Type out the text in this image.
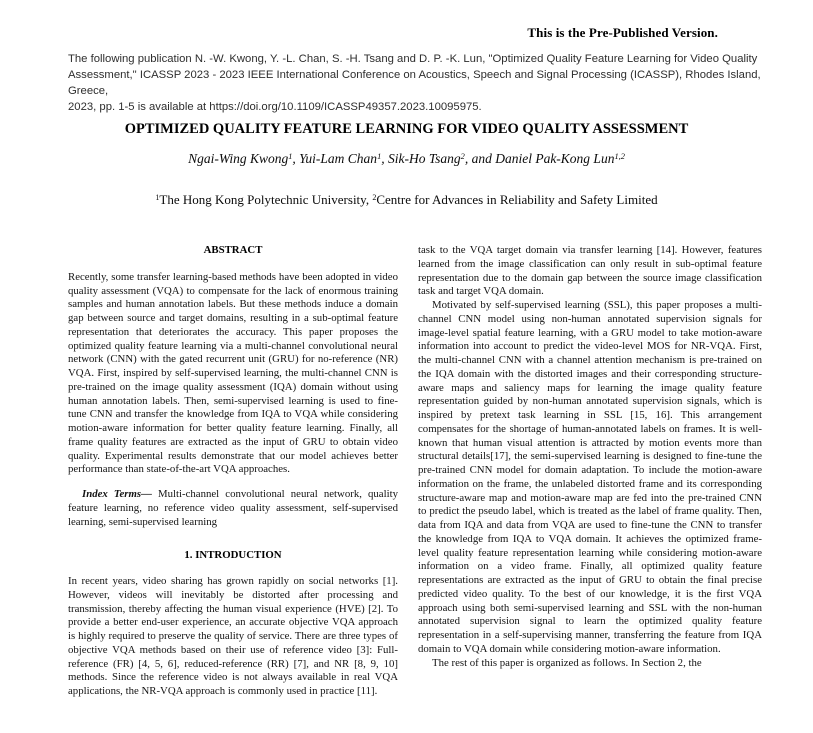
This is the Pre-Published Version.
The following publication N. -W. Kwong, Y. -L. Chan, S. -H. Tsang and D. P. -K. Lun, "Optimized Quality Feature Learning for Video Quality
Assessment," ICASSP 2023 - 2023 IEEE International Conference on Acoustics, Speech and Signal Processing (ICASSP), Rhodes Island, Greece,
2023, pp. 1-5 is available at https://doi.org/10.1109/ICASSP49357.2023.10095975.
OPTIMIZED QUALITY FEATURE LEARNING FOR VIDEO QUALITY ASSESSMENT
Ngai-Wing Kwong$^1$, Yui-Lam Chan$^1$, Sik-Ho Tsang$^2$, and Daniel Pak-Kong Lun$^{1,2}$
$^1$The Hong Kong Polytechnic University, $^2$Centre for Advances in Reliability and Safety Limited
ABSTRACT

Recently, some transfer learning-based methods have been adopted in video quality assessment (VQA) to compensate for the lack of enormous training samples and human annotation labels. But these methods induce a domain gap between source and target domains, resulting in a sub-optimal feature representation that deteriorates the accuracy. This paper proposes the optimized quality feature learning via a multi-channel convolutional neural network (CNN) with the gated recurrent unit (GRU) for no-reference (NR) VQA. First, inspired by self-supervised learning, the multi-channel CNN is pre-trained on the image quality assessment (IQA) domain without using human annotation labels. Then, semi-supervised learning is used to fine-tune CNN and transfer the knowledge from IQA to VQA while considering motion-aware information for better quality feature learning. Finally, all frame quality features are extracted as the input of GRU to obtain video quality. Experimental results demonstrate that our model achieves better performance than state-of-the-art VQA approaches.

Index Terms— Multi-channel convolutional neural network, quality feature learning, no reference video quality assessment, self-supervised learning, semi-supervised learning

1. INTRODUCTION

In recent years, video sharing has grown rapidly on social networks [1]. However, videos will inevitably be distorted after processing and transmission, thereby affecting the human visual experience (HVE) [2]. To provide a better end-user experience, an accurate objective VQA approach is highly required to preserve the quality of service. There are three types of objective VQA methods based on their use of reference video [3]: Full-reference (FR) [4, 5, 6], reduced-reference (RR) [7], and NR [8, 9, 10] methods. Since the reference video is not always available in real VQA applications, the NR-VQA approach is commonly used in practice [11].

task to the VQA target domain via transfer learning [14]. However, features learned from the image classification can only result in sub-optimal feature representation due to the domain gap between the source image classification task and target VQA domain.

Motivated by self-supervised learning (SSL), this paper proposes a multi-channel CNN model using non-human annotated supervision signals for image-level spatial feature learning, with a GRU model to take motion-aware information into account to predict the video-level MOS for NR-VQA. First, the multi-channel CNN with a channel attention mechanism is pre-trained on the IQA domain with the distorted images and their corresponding structure-aware maps and saliency maps for learning the image quality feature representation guided by non-human annotated supervision signals, which is inspired by pretext task learning in SSL [15, 16]. This arrangement compensates for the shortage of human-annotated labels on frames. It is well-known that human visual attention is attracted by motion events more than structural details[17], the semi-supervised learning is designed to fine-tune the pre-trained CNN model for domain adaptation. To include the motion-aware information on the frame, the unlabeled distorted frame and its corresponding structure-aware map and motion-aware map are fed into the pre-trained CNN to predict the pseudo label, which is treated as the label of frame quality. Then, data from IQA and data from VQA are used to fine-tune the CNN to transfer the knowledge from IQA to VQA domain. It achieves the optimized frame-level quality feature representation learning while considering motion-aware information on a video frame. Finally, all optimized quality feature representations are extracted as the input of GRU to obtain the final precise predicted video quality. To the best of our knowledge, it is the first VQA approach using both semi-supervised learning and SSL with the non-human annotated supervision signal to learn the optimized quality feature representation in a self-supervising manner, transferring the feature from IQA domain to VQA domain while considering motion-aware information.

The rest of this paper is organized as follows. In Section 2, the
